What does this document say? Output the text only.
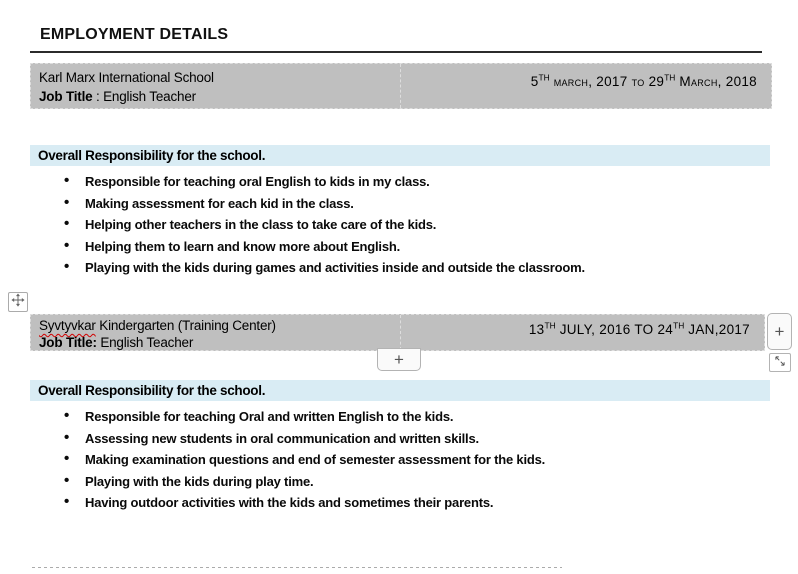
EMPLOYMENT DETAILS
Karl Marx International School
Job Title : English Teacher
5TH march, 2017 to 29TH March, 2018
Overall Responsibility for the school.
• Responsible for teaching oral English to kids in my class.
• Making assessment for each kid in the class.
• Helping other teachers in the class to take care of the kids.
• Helping them to learn and know more about English.
• Playing with the kids during games and activities inside and outside the classroom.
Syvtyvkar Kindergarten (Training Center)
Job Title: English Teacher
13TH JULY, 2016 TO 24TH JAN,2017	+
+
Overall Responsibility for the school.
• Responsible for teaching Oral and written English to the kids.
• Assessing new students in oral communication and written skills.
• Making examination questions and end of semester assessment for the kids.
• Playing with the kids during play time.
• Having outdoor activities with the kids and sometimes their parents.
